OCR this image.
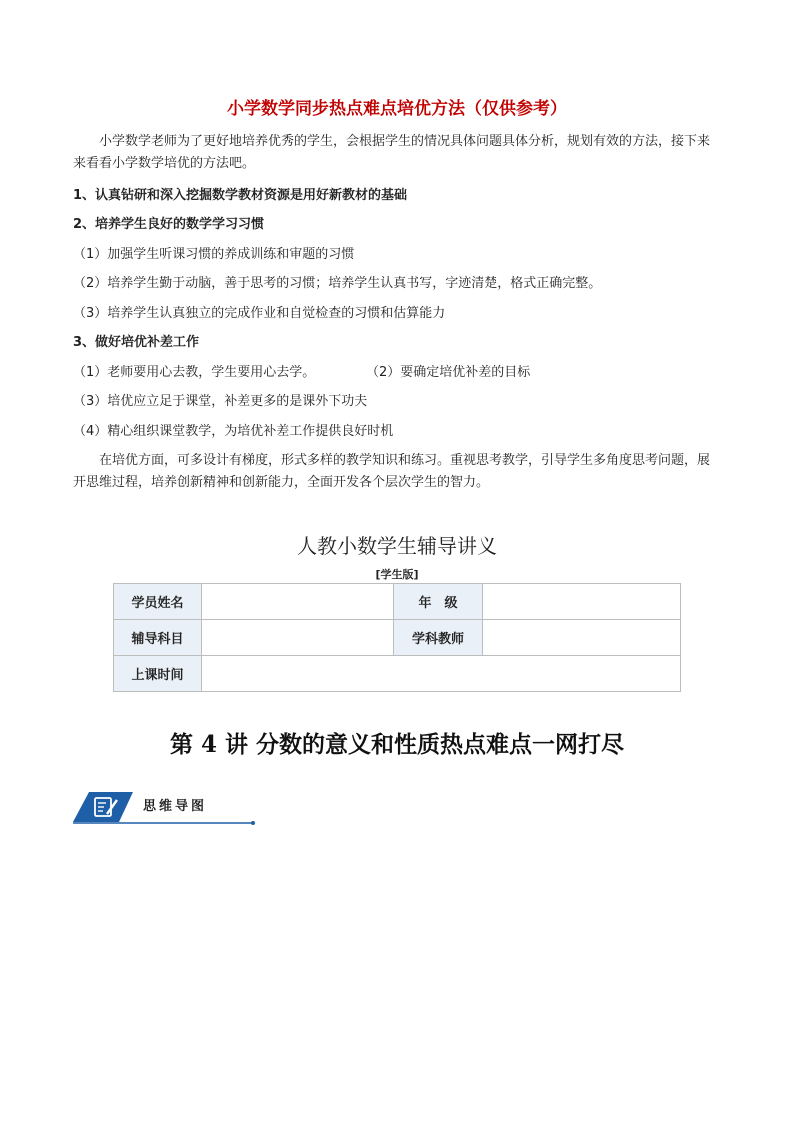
小学数学同步热点难点培优方法（仅供参考）
小学数学老师为了更好地培养优秀的学生，会根据学生的情况具体问题具体分析，规划有效的方法，接下来来看看小学数学培优的方法吧。
1、认真钻研和深入挖掘数学教材资源是用好新教材的基础
2、培养学生良好的数学学习习惯
（1）加强学生听课习惯的养成训练和审题的习惯
（2）培养学生勤于动脑，善于思考的习惯；培养学生认真书写，字迹清楚，格式正确完整。
（3）培养学生认真独立的完成作业和自觉检查的习惯和估算能力
3、做好培优补差工作
（1）老师要用心去教，学生要用心去学。	（2）要确定培优补差的目标
（3）培优应立足于课堂，补差更多的是课外下功夫
（4）精心组织课堂教学，为培优补差工作提供良好时机
在培优方面，可多设计有梯度，形式多样的教学知识和练习。重视思考教学，引导学生多角度思考问题，展开思维过程，培养创新精神和创新能力，全面开发各个层次学生的智力。
人教小数学生辅导讲义
[学生版]
学员姓名		年　级	
辅导科目		学科教师	
上课时间			
第 4 讲 分数的意义和性质热点难点一网打尽
思维导图
